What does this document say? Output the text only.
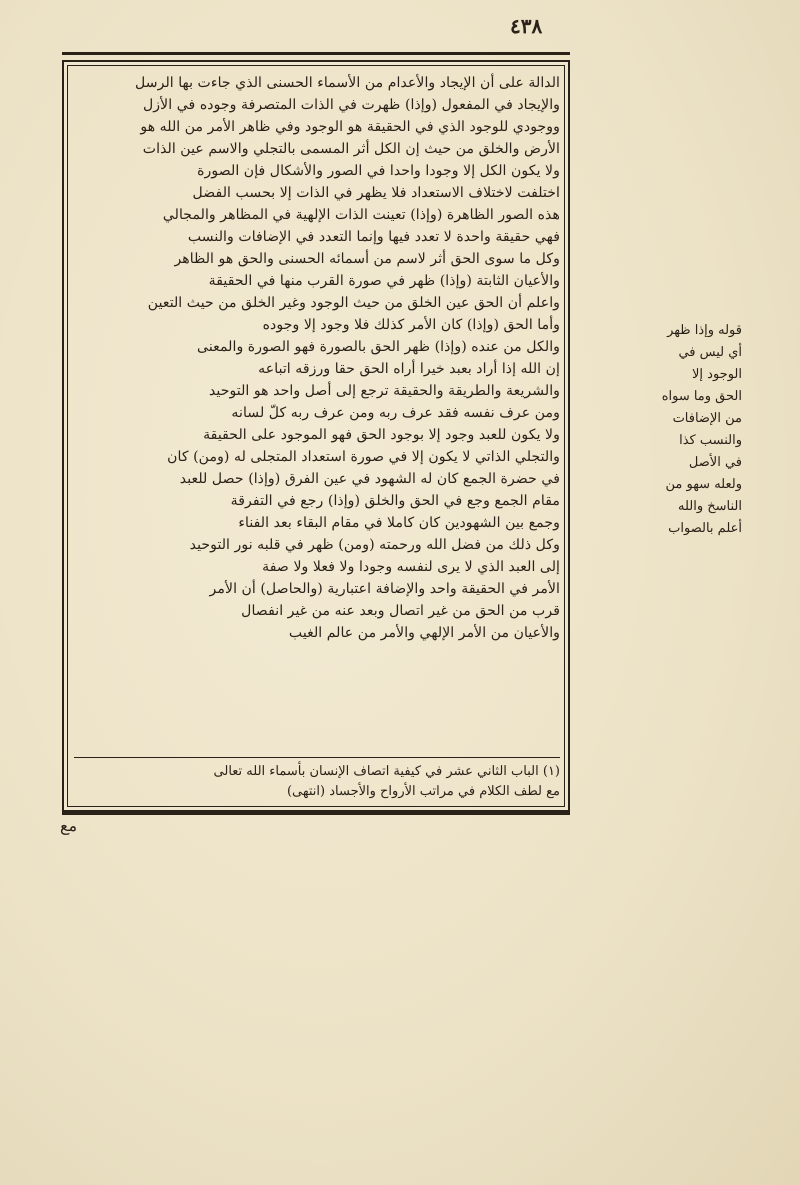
٤٣٨

الدالة على أن الإيجاد والأعدام من الأسماء الحسنى الذي جاءت بها الرسل

والإيجاد في المفعول (وإذا) ظهرت في الذات المتصرفة وجوده في الأزل

ووجودي للوجود الذي في الحقيقة هو الوجود وفي ظاهر الأمر من الله هو

الأرض والخلق من حيث إن الكل أثر المسمى بالتجلي والاسم عين الذات

ولا يكون الكل إلا وجودا واحدا في الصور والأشكال فإن الصورة

اختلفت لاختلاف الاستعداد فلا يظهر في الذات إلا بحسب الفضل

هذه الصور الظاهرة (وإذا) تعينت الذات الإلهية في المظاهر والمجالي

فهي حقيقة واحدة لا تعدد فيها وإنما التعدد في الإضافات والنسب

وكل ما سوى الحق أثر لاسم من أسمائه الحسنى والحق هو الظاهر

والأعيان الثابتة (وإذا) ظهر في صورة القرب منها في الحقيقة

واعلم أن الحق عين الخلق من حيث الوجود وغير الخلق من حيث التعين

وأما الحق (وإذا) كان الأمر كذلك فلا وجود إلا وجوده

والكل من عنده (وإذا) ظهر الحق بالصورة فهو الصورة والمعنى

إن الله إذا أراد بعبد خيرا أراه الحق حقا ورزقه اتباعه

والشريعة والطريقة والحقيقة ترجع إلى أصل واحد هو التوحيد

ومن عرف نفسه فقد عرف ربه ومن عرف ربه كلّ لسانه

ولا يكون للعبد وجود إلا بوجود الحق فهو الموجود على الحقيقة

والتجلي الذاتي لا يكون إلا في صورة استعداد المتجلى له (ومن) كان

في حضرة الجمع كان له الشهود في عين الفرق (وإذا) حصل للعبد

مقام الجمع وجع في الحق والخلق (وإذا) رجع في التفرقة

وجمع بين الشهودين كان كاملا في مقام البقاء بعد الفناء

وكل ذلك من فضل الله ورحمته (ومن) ظهر في قلبه نور التوحيد

إلى العبد الذي لا يرى لنفسه وجودا ولا فعلا ولا صفة

الأمر في الحقيقة واحد والإضافة اعتبارية (والحاصل) أن الأمر

قرب من الحق من غير اتصال وبعد عنه من غير انفصال

والأعيان من الأمر الإلهي والأمر من عالم الغيب

(١) الباب الثاني عشر في كيفية اتصاف الإنسان بأسماء الله تعالى
مع لطف الكلام في مراتب الأرواح والأجساد (انتهى)
قوله وإذا ظهر
أي ليس في
الوجود إلا
الحق وما سواه
من الإضافات
والنسب كذا
في الأصل
ولعله سهو من
الناسخ والله
أعلم بالصواب
مع
